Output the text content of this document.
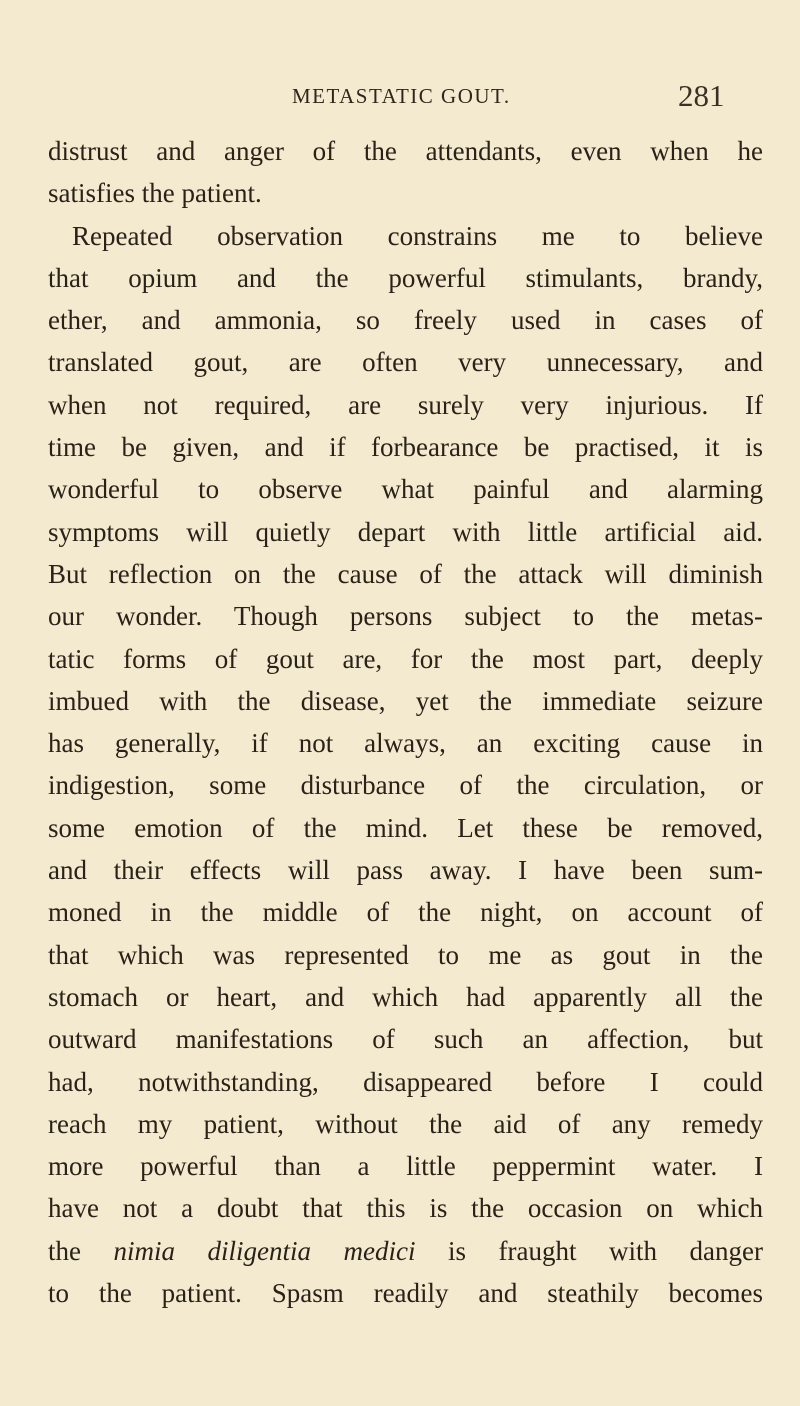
METASTATIC GOUT.	281
distrust and anger of the attendants, even when he
satisfies the patient.
Repeated observation constrains me to believe
that opium and the powerful stimulants, brandy,
ether, and ammonia, so freely used in cases of
translated gout, are often very unnecessary, and
when not required, are surely very injurious. If
time be given, and if forbearance be practised, it is
wonderful to observe what painful and alarming
symptoms will quietly depart with little artificial aid.
But reflection on the cause of the attack will diminish
our wonder. Though persons subject to the metas-
tatic forms of gout are, for the most part, deeply
imbued with the disease, yet the immediate seizure
has generally, if not always, an exciting cause in
indigestion, some disturbance of the circulation, or
some emotion of the mind. Let these be removed,
and their effects will pass away. I have been sum-
moned in the middle of the night, on account of
that which was represented to me as gout in the
stomach or heart, and which had apparently all the
outward manifestations of such an affection, but
had, notwithstanding, disappeared before I could
reach my patient, without the aid of any remedy
more powerful than a little peppermint water. I
have not a doubt that this is the occasion on which
the nimia diligentia medici is fraught with danger
to the patient. Spasm readily and steathily becomes
